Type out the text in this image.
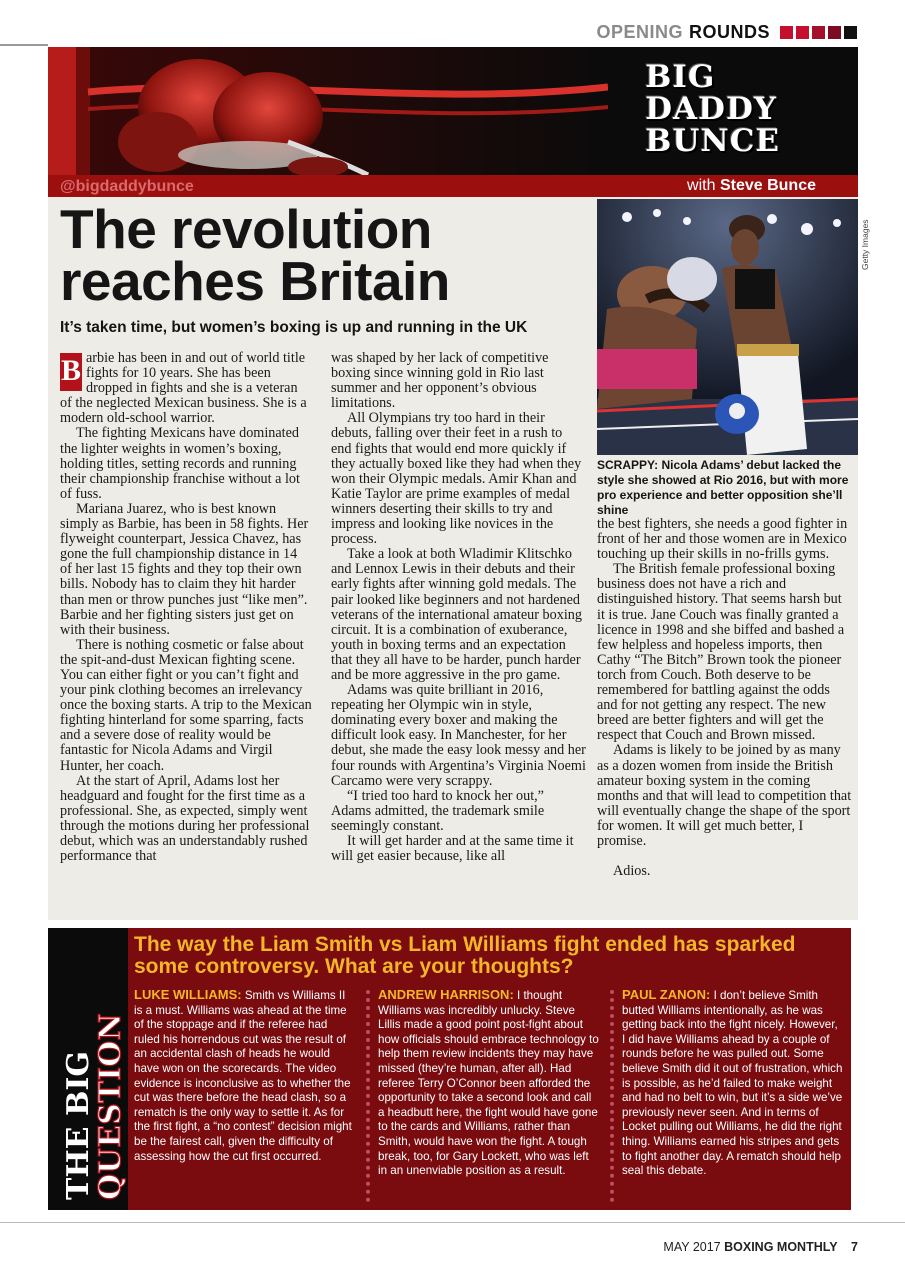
OPENING ROUNDS
BIG
DADDY
BUNCE
@bigdaddybunce	with Steve Bunce
The revolution
reaches Britain
It’s taken time, but women’s boxing is up and running in the UK

B arbie has been in and out of world title fights for 10 years. She has been dropped in fights and she is a veteran of the neglected Mexican business. She is a modern old-school warrior.

The fighting Mexicans have dominated the lighter weights in women’s boxing, holding titles, setting records and running their championship franchise without a lot of fuss.

Mariana Juarez, who is best known simply as Barbie, has been in 58 fights. Her flyweight counterpart, Jessica Chavez, has gone the full championship distance in 14 of her last 15 fights and they top their own bills. Nobody has to claim they hit harder than men or throw punches just “like men”. Barbie and her fighting sisters just get on with their business.

There is nothing cosmetic or false about the spit-and-dust Mexican fighting scene. You can either fight or you can’t fight and your pink clothing becomes an irrelevancy once the boxing starts. A trip to the Mexican fighting hinterland for some sparring, facts and a severe dose of reality would be fantastic for Nicola Adams and Virgil Hunter, her coach.

At the start of April, Adams lost her headguard and fought for the first time as a professional. She, as expected, simply went through the motions during her professional debut, which was an understandably rushed performance that

was shaped by her lack of competitive boxing since winning gold in Rio last summer and her opponent’s obvious limitations.

All Olympians try too hard in their debuts, falling over their feet in a rush to end fights that would end more quickly if they actually boxed like they had when they won their Olympic medals. Amir Khan and Katie Taylor are prime examples of medal winners deserting their skills to try and impress and looking like novices in the process.

Take a look at both Wladimir Klitschko and Lennox Lewis in their debuts and their early fights after winning gold medals. The pair looked like beginners and not hardened veterans of the international amateur boxing circuit. It is a combination of exuberance, youth in boxing terms and an expectation that they all have to be harder, punch harder and be more aggressive in the pro game.

Adams was quite brilliant in 2016, repeating her Olympic win in style, dominating every boxer and making the difficult look easy. In Manchester, for her debut, she made the easy look messy and her four rounds with Argentina’s Virginia Noemi Carcamo were very scrappy.

“I tried too hard to knock her out,” Adams admitted, the trademark smile seemingly constant.

It will get harder and at the same time it will get easier because, like all

SCRAPPY: Nicola Adams’ debut lacked the style she showed at Rio 2016, but with more pro experience and better opposition she’ll shine

the best fighters, she needs a good fighter in front of her and those women are in Mexico touching up their skills in no-frills gyms.

The British female professional boxing business does not have a rich and distinguished history. That seems harsh but it is true. Jane Couch was finally granted a licence in 1998 and she biffed and bashed a few helpless and hopeless imports, then Cathy “The Bitch” Brown took the pioneer torch from Couch. Both deserve to be remembered for battling against the odds and for not getting any respect. The new breed are better fighters and will get the respect that Couch and Brown missed.

Adams is likely to be joined by as many as a dozen women from inside the British amateur boxing system in the coming months and that will lead to competition that will eventually change the shape of the sport for women. It will get much better, I promise.

Adios.

Getty Images
THE BIG
QUESTION
The way the Liam Smith vs Liam Williams fight ended has sparked some controversy. What are your thoughts?
LUKE WILLIAMS: Smith vs Williams II is a must. Williams was ahead at the time of the stoppage and if the referee had ruled his horrendous cut was the result of an accidental clash of heads he would have won on the scorecards. The video evidence is inconclusive as to whether the cut was there before the head clash, so a rematch is the only way to settle it. As for the first fight, a “no contest” decision might be the fairest call, given the difficulty of assessing how the cut first occurred.
ANDREW HARRISON: I thought Williams was incredibly unlucky. Steve Lillis made a good point post-fight about how officials should embrace technology to help them review incidents they may have missed (they’re human, after all). Had referee Terry O’Connor been afforded the opportunity to take a second look and call a headbutt here, the fight would have gone to the cards and Williams, rather than Smith, would have won the fight. A tough break, too, for Gary Lockett, who was left in an unenviable position as a result.
PAUL ZANON: I don’t believe Smith butted Williams intentionally, as he was getting back into the fight nicely. However, I did have Williams ahead by a couple of rounds before he was pulled out. Some believe Smith did it out of frustration, which is possible, as he’d failed to make weight and had no belt to win, but it’s a side we’ve previously never seen. And in terms of Locket pulling out Williams, he did the right thing. Williams earned his stripes and gets to fight another day. A rematch should help seal this debate.
MAY 2017 BOXING MONTHLY 7
